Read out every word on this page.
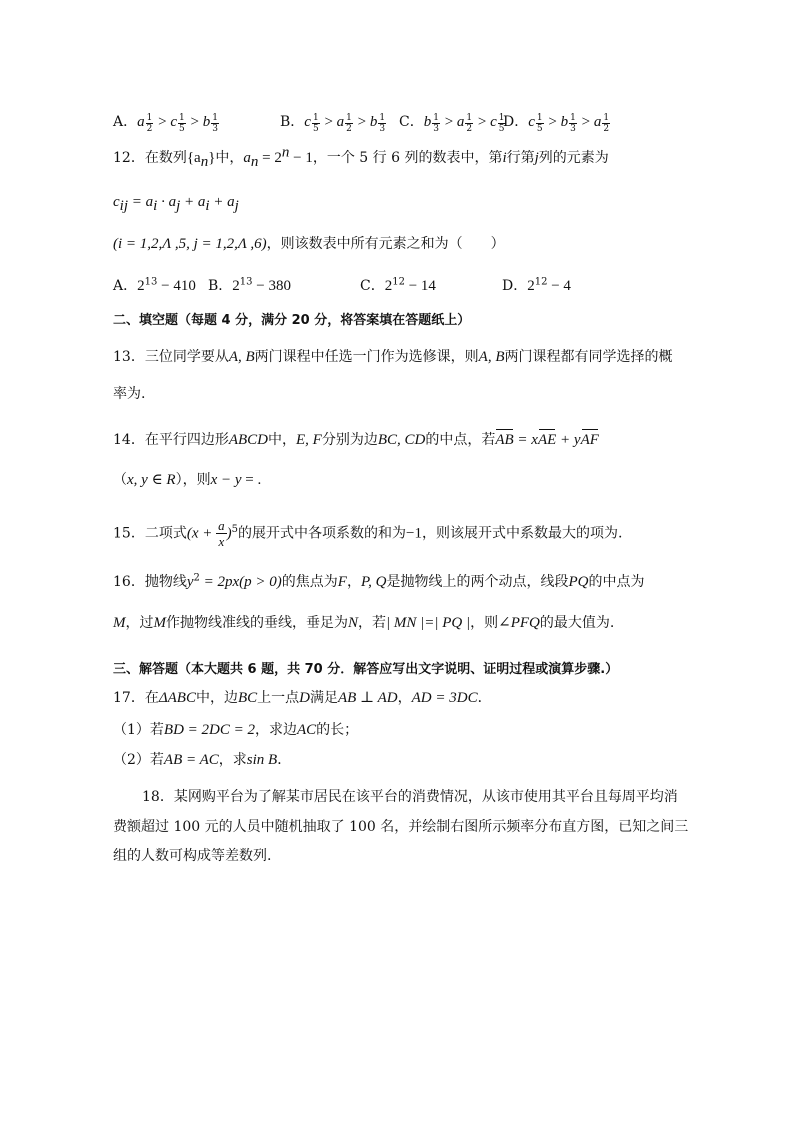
A．a $\frac{1}{2} > c \frac{1}{5} > b \frac{1}{3}$	B．c $\frac{1}{5} > a \frac{1}{2} > b \frac{1}{3}$ C．b $\frac{1}{3} > a \frac{1}{2} > c \frac{1}{5}$
D．c $\frac{1}{5} > b \frac{1}{3} > a \frac{1}{2}$
12．在数列$\{a_n\}$中，$a_n = 2^n - 1$，一个 5 行 6 列的数表中，第i行第j列的元素为
$c_{ij} = a_i \cdot a_j + a_i + a_j$
(i = 1,2,Λ ,5, j = 1,2,Λ ,6)，则该数表中所有元素之和为（　　）
A．$2^{13} - 410$ B．$2^{13} - 380$	C．$2^{12} - 14$	D．$2^{12} - 4$
二、填空题（每题 4 分，满分 20 分，将答案填在答题纸上）
13．三位同学要从A, B两门课程中任选一门作为选修课，则A, B两门课程都有同学选择的概
率为.
14．在平行四边形ABCD中，E, F分别为边BC, CD的中点，若AB = xAE + yAF
（x, y ∈ R），则x − y = .
15．二项式$(x + \frac{a}{x} )^5$的展开式中各项系数的和为−1，则该展开式中系数最大的项为.
16．抛物线$y^2 = 2px(p > 0)$的焦点为F，P, Q是抛物线上的两个动点，线段PQ的中点为
M，过M作抛物线准线的垂线，垂足为N，若| MN |=| PQ |，则∠PFQ的最大值为.
三、解答题（本大题共 6 题，共 70 分．解答应写出文字说明、证明过程或演算步骤.）
17．在ΔABC中，边BC上一点D满足AB ⊥ AD，AD = 3DC．
（1）若BD = 2DC = 2，求边AC的长；
（2）若AB = AC，求sin B．
18．某网购平台为了解某市居民在该平台的消费情况，从该市使用其平台且每周平均消
费额超过 100 元的人员中随机抽取了 100 名，并绘制右图所示频率分布直方图，已知之间三
组的人数可构成等差数列.
